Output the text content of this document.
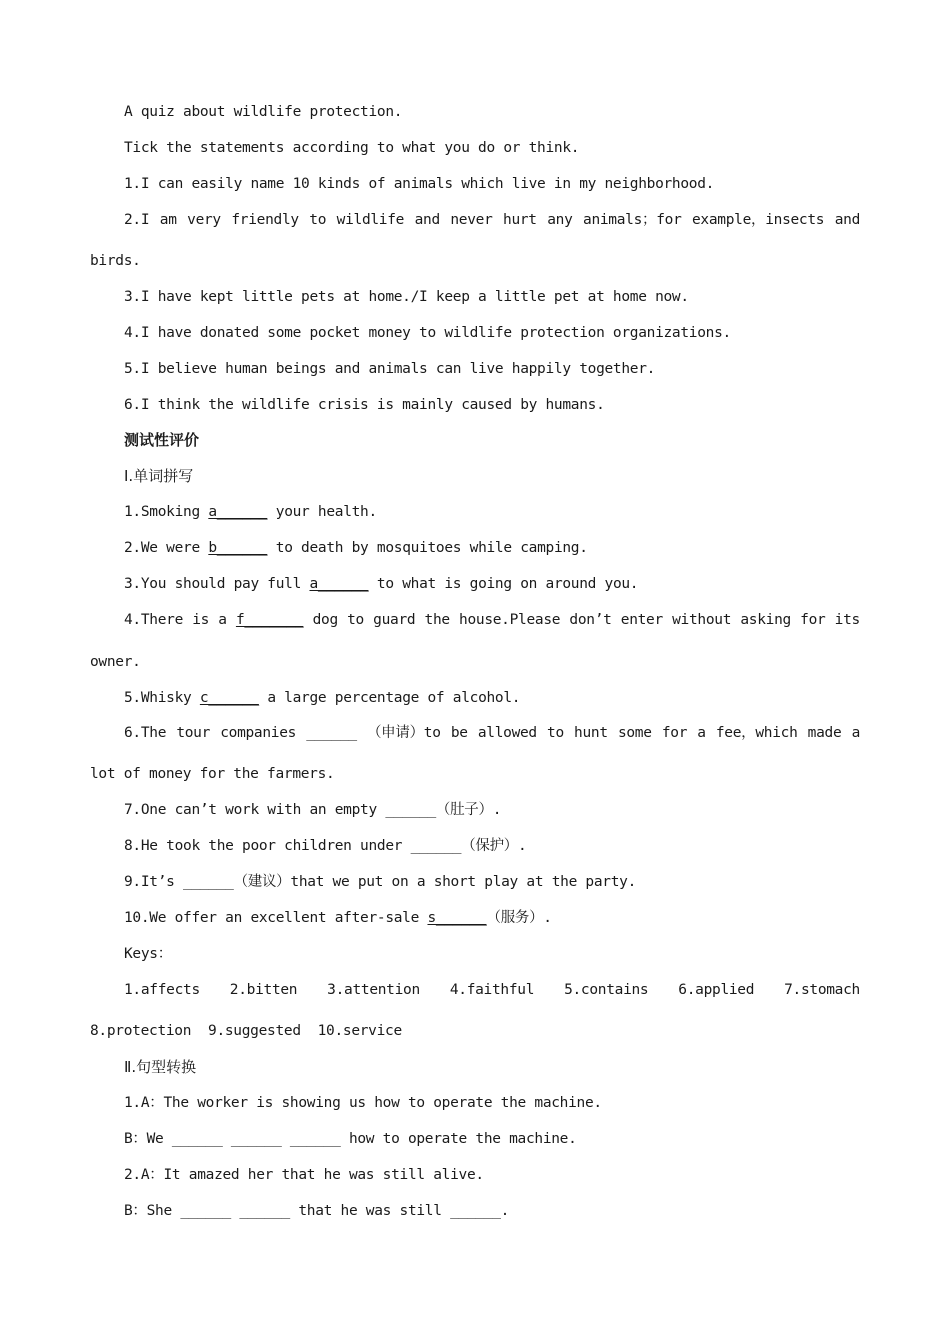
A quiz about wildlife protection.
Tick the statements according to what you do or think.
1.I can easily name 10 kinds of animals which live in my neighborhood.
2.I am very friendly to wildlife and never hurt any animals；for example，insects and
birds.
3.I have kept little pets at home./I keep a little pet at home now.
4.I have donated some pocket money to wildlife protection organizations.
5.I believe human beings and animals can live happily together.
6.I think the wildlife crisis is mainly caused by humans.
测试性评价
Ⅰ.单词拼写
1.Smoking a______ your health.
2.We were b______ to death by mosquitoes while camping.
3.You should pay full a______ to what is going on around you.
4.There is a f_______ dog to guard the house.Please don’t enter without asking for its
owner.
5.Whisky c______ a large percentage of alcohol.
6.The tour companies ______ （申请）to be allowed to hunt some for a fee，which made a
lot of money for the farmers.
7.One can’t work with an empty ______（肚子）.
8.He took the poor children under ______（保护）.
9.It’s ______（建议）that we put on a short play at the party.
10.We offer an excellent after-sale s______（服务）.
Keys：
1.affects 2.bitten 3.attention 4.faithful 5.contains 6.applied 7.stomach
8.protection  9.suggested  10.service
Ⅱ.句型转换
1.A：The worker is showing us how to operate the machine.
B：We ______ ______ ______ how to operate the machine.
2.A：It amazed her that he was still alive.
B：She ______ ______ that he was still ______.
